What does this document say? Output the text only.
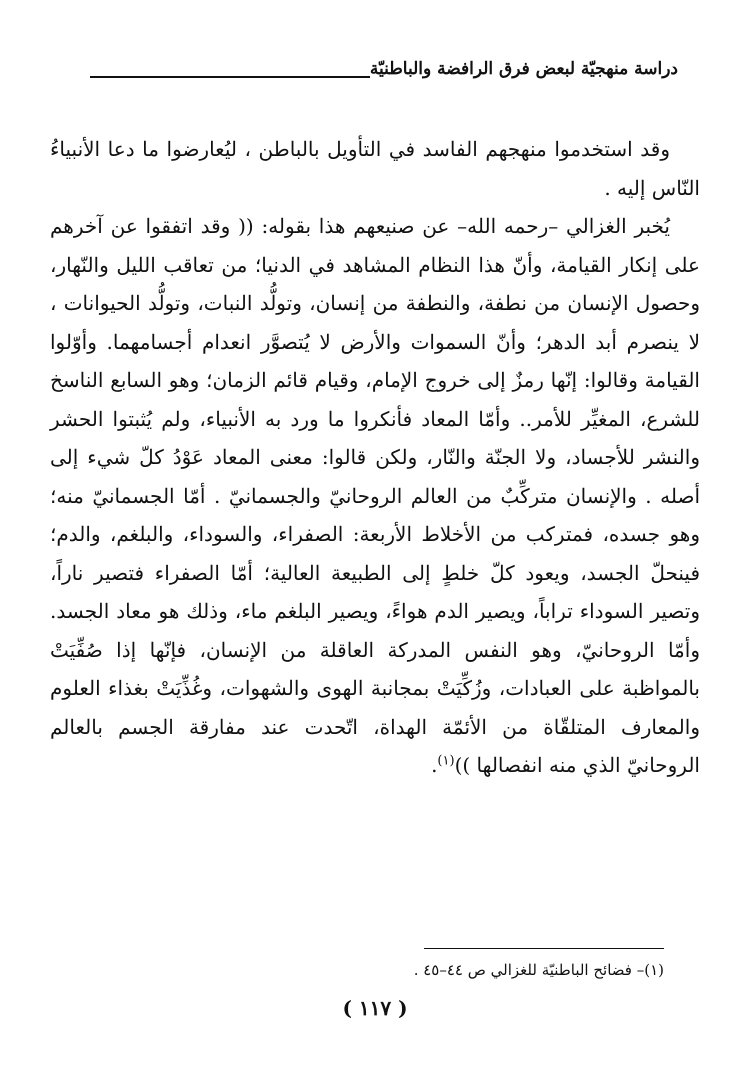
دراسة منهجيّة لبعض فرق الرافضة والباطنيّة

وقد استخدموا منهجهم الفاسد في التأويل بالباطن ، ليُعارضوا ما دعا الأنبياءُ النّاس إليه .

يُخبر الغزالي –رحمه الله– عن صنيعهم هذا بقوله: (( وقد اتفقوا عن آخرهم على إنكار القيامة، وأنّ هذا النظام المشاهد في الدنيا؛ من تعاقب الليل والنّهار، وحصول الإنسان من نطفة، والنطفة من إنسان، وتولُّد النبات، وتولُّد الحيوانات ، لا ينصرم أبد الدهر؛ وأنّ السموات والأرض لا يُتصوَّر انعدام أجسامهما. وأوّلوا القيامة وقالوا: إنّها رمزٌ إلى خروج الإمام، وقيام قائم الزمان؛ وهو السابع الناسخ للشرع، المغيِّر للأمر.. وأمّا المعاد فأنكروا ما ورد به الأنبياء، ولم يُثبتوا الحشر والنشر للأجساد، ولا الجنّة والنّار، ولكن قالوا: معنى المعاد عَوْدُ كلّ شيء إلى أصله . والإنسان متركِّبٌ من العالم الروحانيّ والجسمانيّ . أمّا الجسمانيّ منه؛ وهو جسده، فمتركب من الأخلاط الأربعة: الصفراء، والسوداء، والبلغم، والدم؛ فينحلّ الجسد، ويعود كلّ خلطٍ إلى الطبيعة العالية؛ أمّا الصفراء فتصير ناراً، وتصير السوداء تراباً، ويصير الدم هواءً، ويصير البلغم ماء، وذلك هو معاد الجسد. وأمّا الروحانيّ، وهو النفس المدركة العاقلة من الإنسان، فإنّها إذا صُفِّيَتْ بالمواظبة على العبادات، وزُكِّيَتْ بمجانبة الهوى والشهوات، وغُذِّيَتْ بغذاء العلوم والمعارف المتلقّاة من الأئمّة الهداة، اتّحدت عند مفارقة الجسم بالعالم الروحانيّ الذي منه انفصالها ))$^{(١)}$.

(١)– فضائح الباطنيّة للغزالي ص ٤٤–٤٥ .
( ١١٧ )
